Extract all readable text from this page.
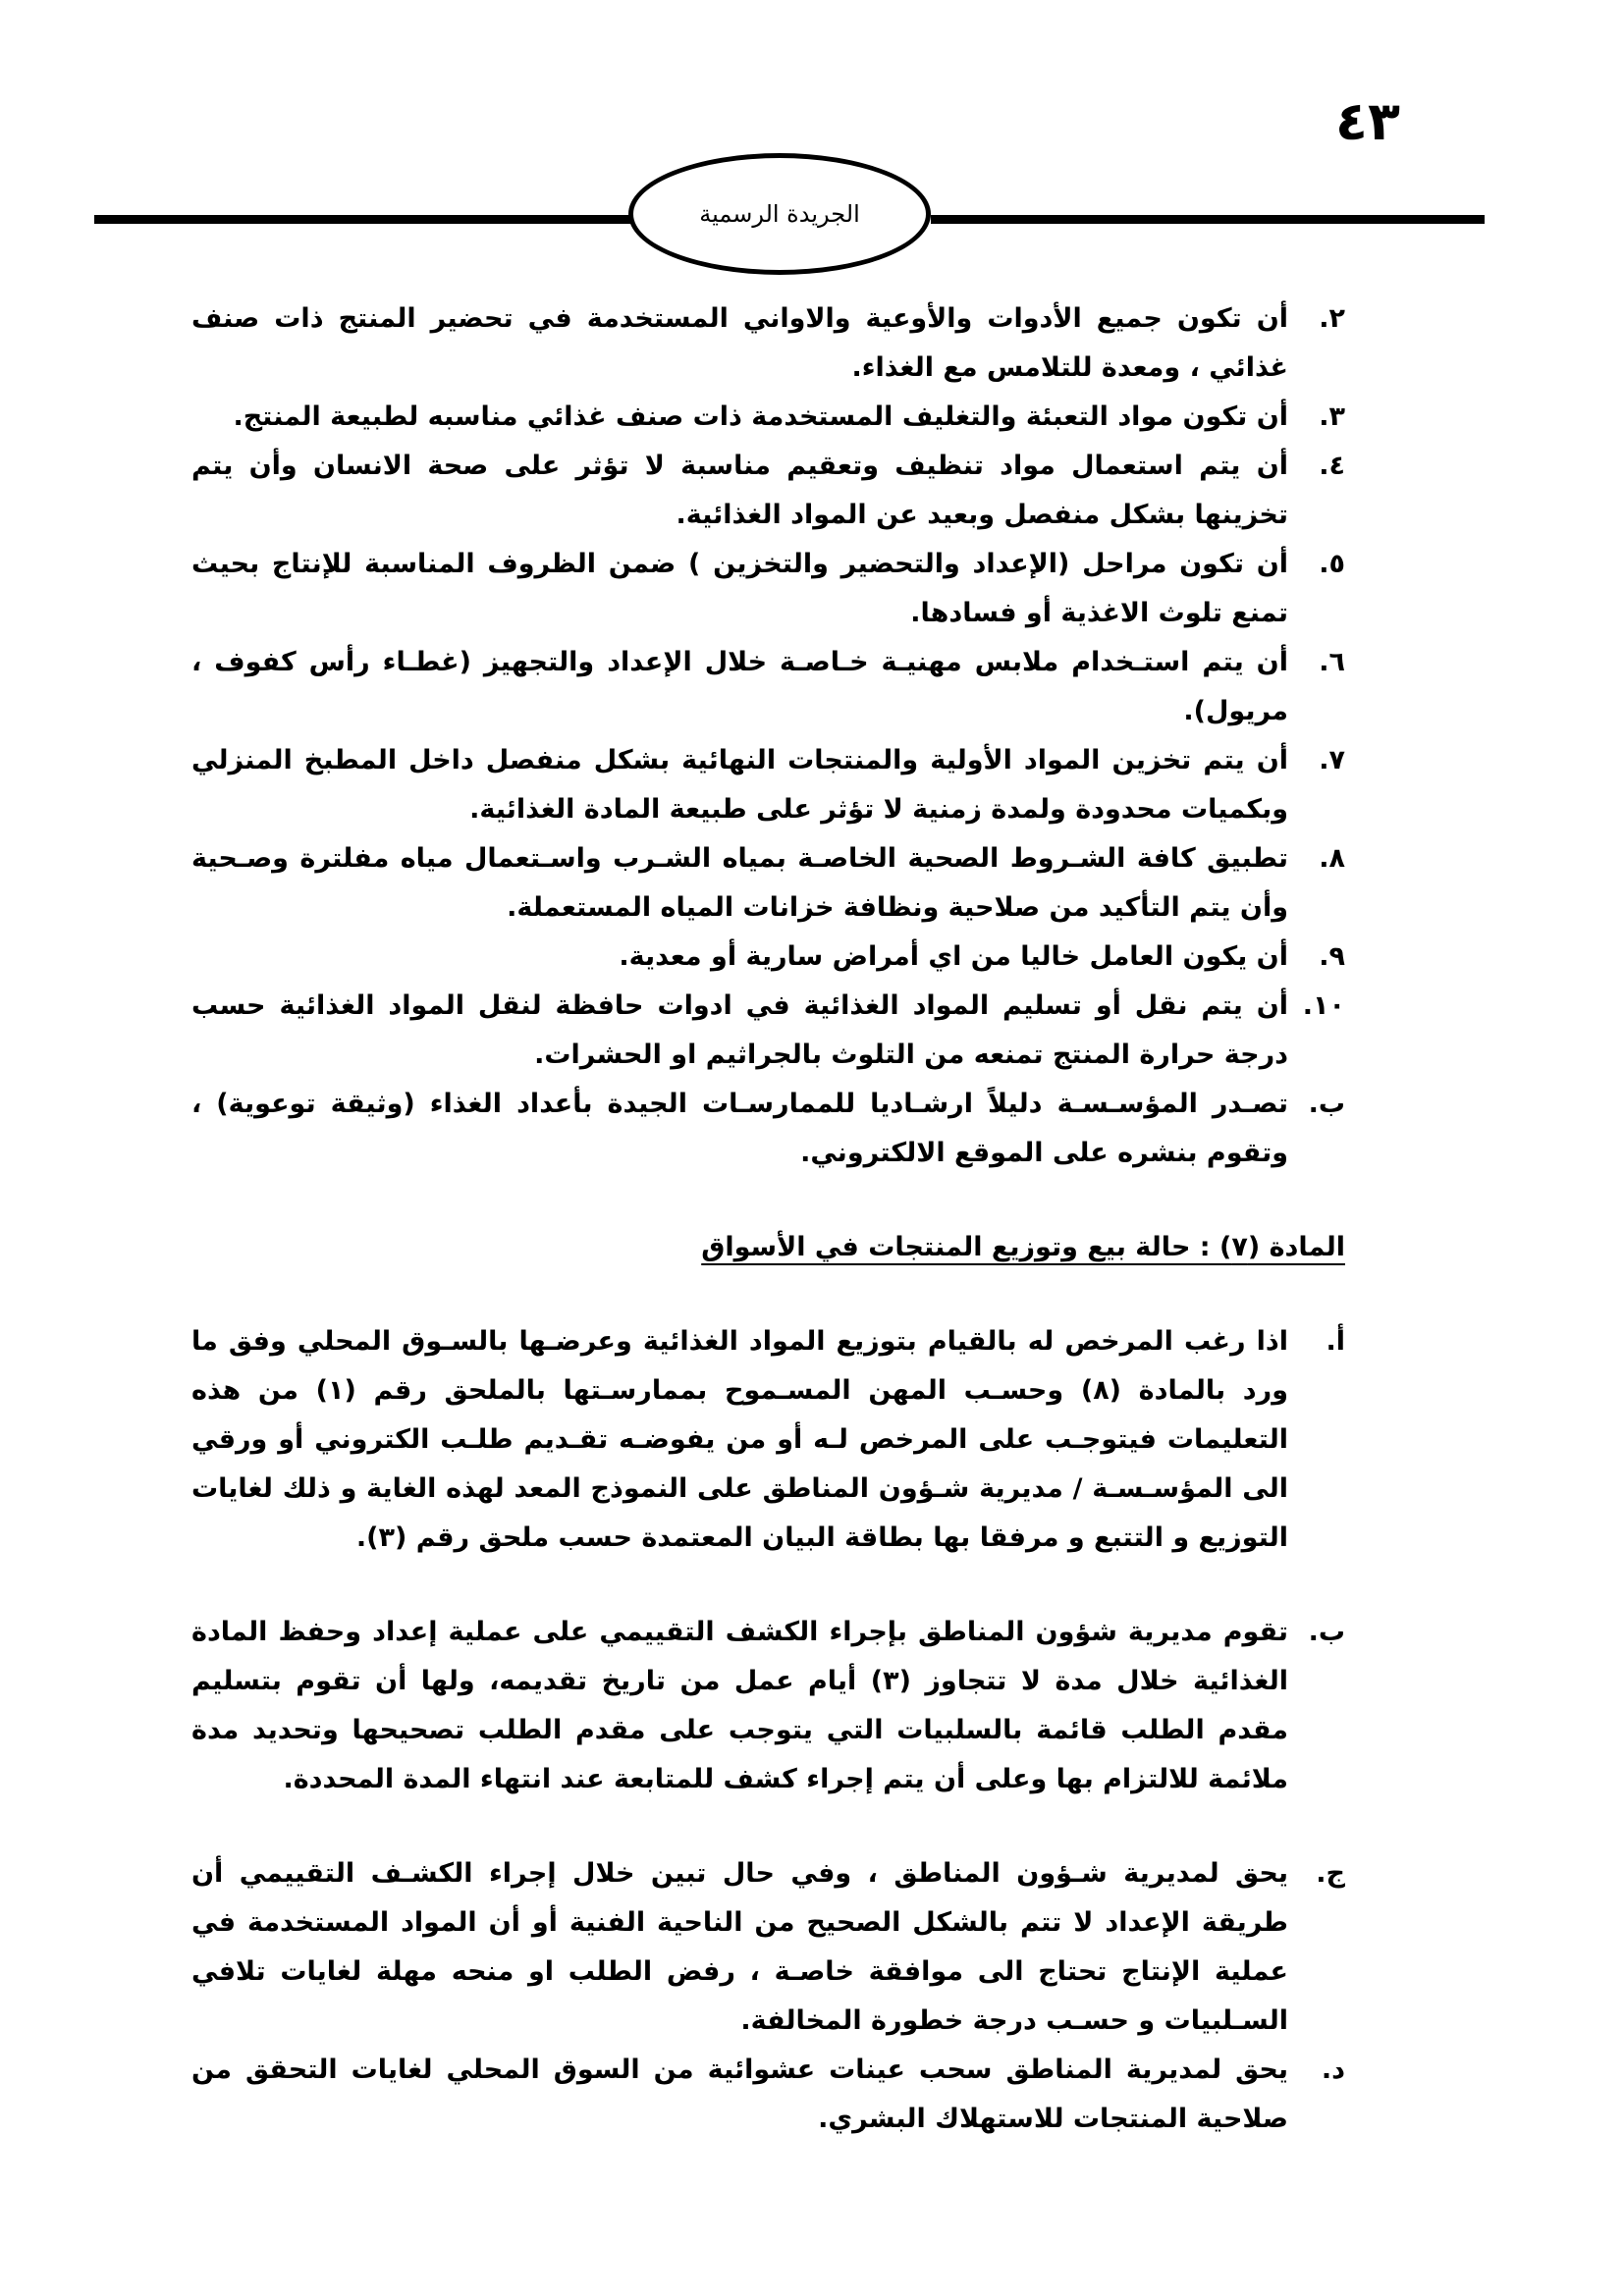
٤٣
الجريدة الرسمية
٢.
أن تكون جميع الأدوات والأوعية والاواني المستخدمة في تحضير المنتج ذات صنف غذائي ، ومعدة للتلامس مع الغذاء.
٣.
أن تكون مواد التعبئة والتغليف المستخدمة ذات صنف غذائي مناسبه لطبيعة المنتج.
٤.
أن يتم استعمال مواد تنظيف وتعقيم مناسبة لا تؤثر على صحة الانسان وأن يتم تخزينها بشكل منفصل وبعيد عن المواد الغذائية.
٥.
أن تكون مراحل (الإعداد والتحضير والتخزين ) ضمن الظروف المناسبة للإنتاج بحيث تمنع تلوث الاغذية أو فسادها.
٦.
أن يتم استـخدام ملابس مهنيـة خـاصـة خلال الإعداد والتجهيز (غطـاء رأس كفوف ، مريول).
٧.
أن يتم تخزين المواد الأولية والمنتجات النهائية بشكل منفصل داخل المطبخ المنزلي وبكميات محدودة ولمدة زمنية لا تؤثر على طبيعة المادة الغذائية.
٨.
تطبيق كافة الشـروط الصحية الخاصـة بمياه الشـرب واسـتعمال مياه مفلترة وصـحية وأن يتم التأكيد من صلاحية ونظافة خزانات المياه المستعملة.
٩.
أن يكون العامل خاليا من اي أمراض سارية أو معدية.
١٠.
أن يتم نقل أو تسليم المواد الغذائية في ادوات حافظة لنقل المواد الغذائية حسب درجة حرارة المنتج تمنعه من التلوث بالجراثيم او الحشرات.
ب.
تصـدر المؤسـسـة دليلاً ارشـاديا للممارسـات الجيدة بأعداد الغذاء (وثيقة توعوية) ، وتقوم بنشره على الموقع الالكتروني.
المادة (٧) : حالة بيع وتوزيع المنتجات في الأسواق
أ.
اذا رغب المرخص له بالقيام بتوزيع المواد الغذائية وعرضـها بالسـوق المحلي وفق ما ورد بالمادة (٨) وحسـب المهن المسـموح بممارسـتها بالملحق رقم (١) من هذه التعليمات فيتوجـب على المرخص لـه أو من يفوضـه تقـديم طلـب الكتروني أو ورقي الى المؤسـسـة / مديرية شـؤون المناطق على النموذج المعد لهذه الغاية و ذلك لغايات التوزيع و التتبع و مرفقا بها بطاقة البيان المعتمدة حسب ملحق رقم (٣).
ب.
تقوم مديرية شؤون المناطق بإجراء الكشف التقييمي على عملية إعداد وحفظ المادة الغذائية خلال مدة لا تتجاوز (٣) أيام عمل من تاريخ تقديمه، ولها أن تقوم بتسليم مقدم الطلب قائمة بالسلبيات التي يتوجب على مقدم الطلب تصحيحها وتحديد مدة ملائمة للالتزام بها وعلى أن يتم إجراء كشف للمتابعة عند انتهاء المدة المحددة.
ج.
يحق لمديرية شـؤون المناطق ، وفي حال تبين خلال إجراء الكشـف التقييمي أن طريقة الإعداد لا تتم بالشكل الصحيح من الناحية الفنية أو أن المواد المستخدمة في عملية الإنتاج تحتاج الى موافقة خاصـة ، رفض الطلب او منحه مهلة لغايات تلافي السـلبيات و حسـب درجة خطورة المخالفة.
د.
يحق لمديرية المناطق سحب عينات عشوائية من السوق المحلي لغايات التحقق من صلاحية المنتجات للاستهلاك البشري.
